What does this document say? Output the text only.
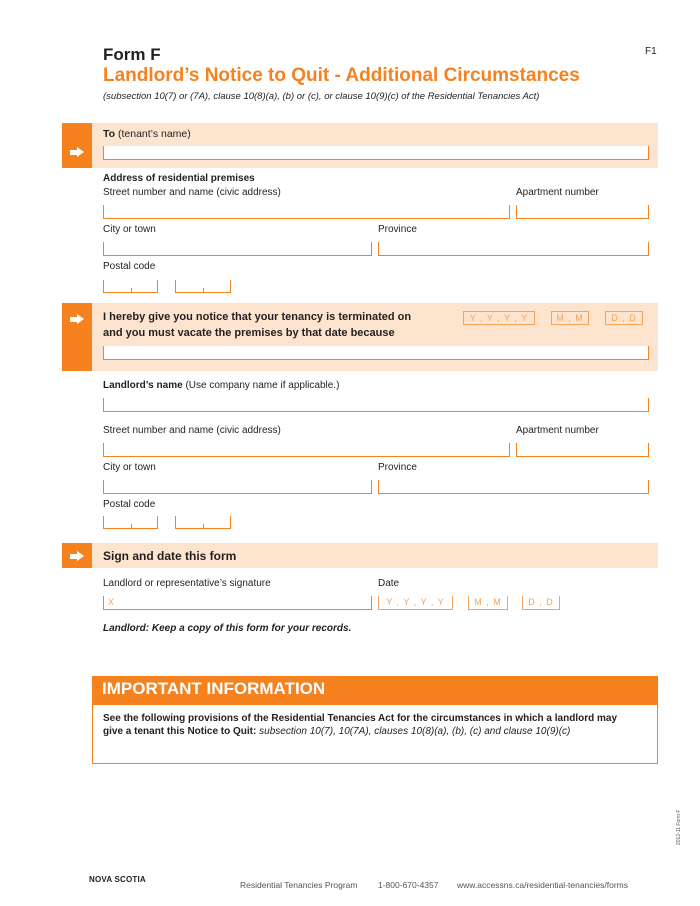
Form F
Landlord’s Notice to Quit - Additional Circumstances
(subsection 10(7) or (7A), clause 10(8)(a), (b) or (c), or clause 10(9)(c) of the Residential Tenancies Act)
F1
To (tenant’s name)
Address of residential premises
Street number and name (civic address)	Apartment number
City or town	Province
Postal code
I hereby give you notice that your tenancy is terminated on	Y , Y , Y , Y	M , M	D , D
and you must vacate the premises by that date because
Landlord’s name (Use company name if applicable.)
Street number and name (civic address)	Apartment number
City or town	Province
Postal code
Sign and date this form
Landlord or representative’s signature	Date
X	Y , Y , Y , Y	M , M	D , D
Landlord: Keep a copy of this form for your records.
IMPORTANT INFORMATION
See the following provisions of the Residential Tenancies Act for the circumstances in which a landlord may give a tenant this Notice to Quit: subsection 10(7), 10(7A), clauses 10(8)(a), (b), (c) and clause 10(9)(c)
NOVA SCOTIA
Residential Tenancies Program 1-800-670-4357 www.accessns.ca/residential-tenancies/forms
2012-11 Form F
